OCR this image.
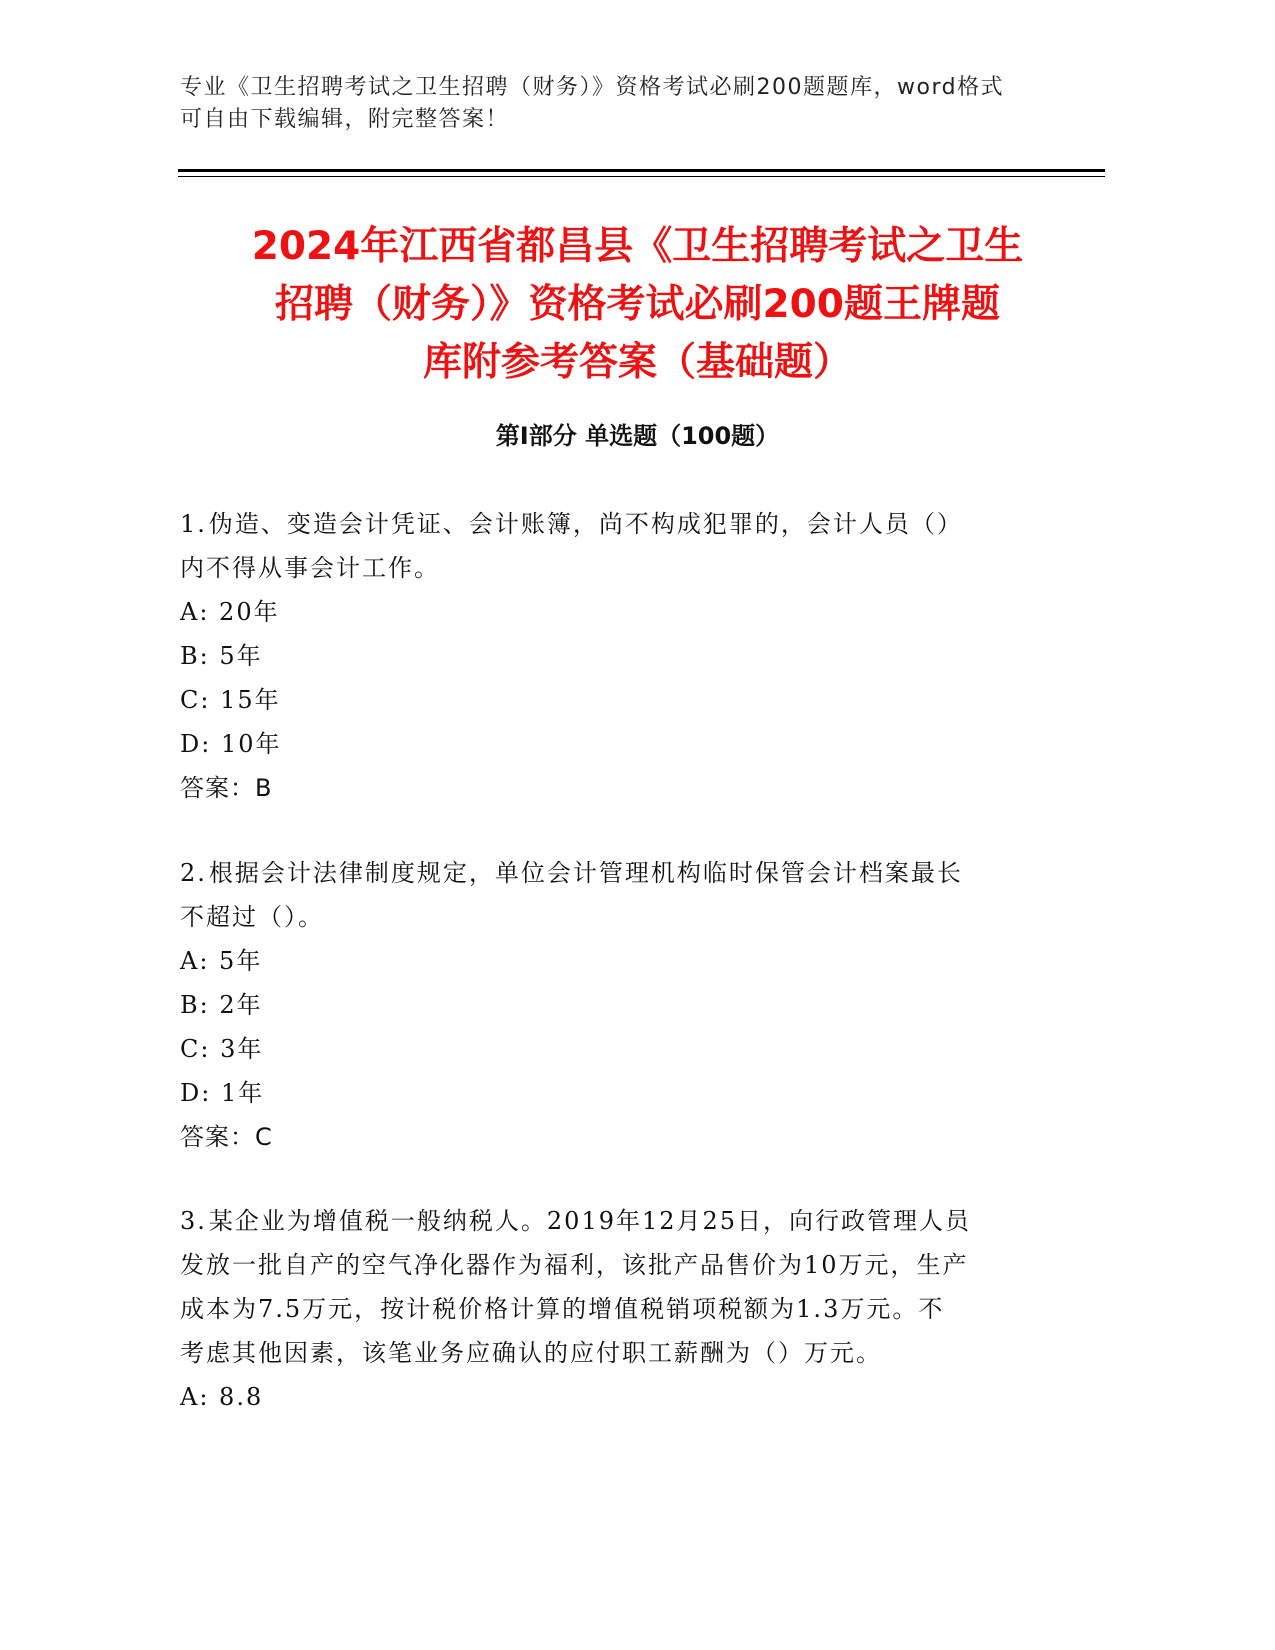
专业《卫生招聘考试之卫生招聘（财务）》资格考试必刷200题题库，word格式

可自由下载编辑，附完整答案！

2024年江西省都昌县《卫生招聘考试之卫生
招聘（财务）》资格考试必刷200题王牌题
库附参考答案（基础题）
第I部分 单选题（100题）

1.伪造、变造会计凭证、会计账簿，尚不构成犯罪的，会计人员（）

内不得从事会计工作。

A: 20年

B: 5年

C: 15年

D: 10年

答案：B

2.根据会计法律制度规定，单位会计管理机构临时保管会计档案最长

不超过（）。

A: 5年

B: 2年

C: 3年

D: 1年

答案：C

3.某企业为增值税一般纳税人。2019年12月25日，向行政管理人员

发放一批自产的空气净化器作为福利，该批产品售价为10万元，生产

成本为7.5万元，按计税价格计算的增值税销项税额为1.3万元。不

考虑其他因素，该笔业务应确认的应付职工薪酬为（）万元。

A: 8.8
